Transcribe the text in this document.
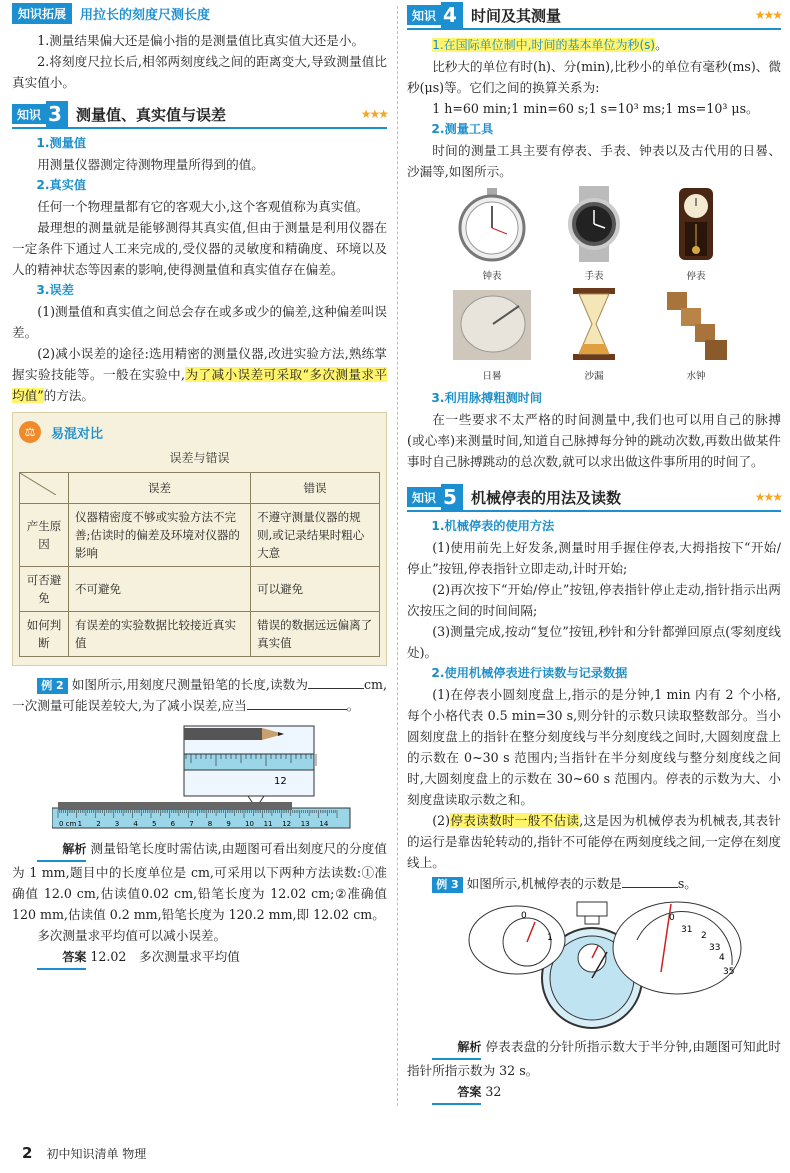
知识拓展	用拉长的刻度尺测长度

1.测量结果偏大还是偏小指的是测量值比真实值大还是小。

2.将刻度尺拉长后,相邻两刻度线之间的距离变大,导致测量值比真实值小。

知识 3 测量值、真实值与误差	★★★
1.测量值

用测量仪器测定待测物理量所得到的值。

2.真实值

任何一个物理量都有它的客观大小,这个客观值称为真实值。

最理想的测量就是能够测得其真实值,但由于测量是利用仪器在一定条件下通过人工来完成的,受仪器的灵敏度和精确度、环境以及人的精神状态等因素的影响,使得测量值和真实值存在偏差。

3.误差

(1)测量值和真实值之间总会存在或多或少的偏差,这种偏差叫误差。

(2)减小误差的途径:选用精密的测量仪器,改进实验方法,熟练掌握实验技能等。一般在实验中,为了减小误差可采取“多次测量求平均值”的方法。

⚖	易混对比
误差与错误
	误差	错误
产生原因	仪器精密度不够或实验方法不完善;估读时的偏差及环境对仪器的影响	不遵守测量仪器的规则,或记录结果时粗心大意
可否避免	不可避免	可以避免
如何判断	有误差的实验数据比较接近真实值	错误的数据远远偏离了真实值

例 2 如图所示,用刻度尺测量铅笔的长度,读数为	cm,一次测量可能误差较大,为了减小误差,应当	。

12
0 cm 1 2 3 4 5 6 7 8 9 10 11 12 13 14

解析 测量铅笔长度时需估读,由题图可看出刻度尺的分度值为 1 mm,题目中的长度单位是 cm,可采用以下两种方法读数:①准确值 12.0 cm,估读值0.02 cm,铅笔长度为 12.02 cm;②准确值 120 mm,估读值 0.2 mm,铅笔长度为 120.2 mm,即 12.02 cm。

多次测量求平均值可以减小误差。

答案 12.02　多次测量求平均值

知识 4 时间及其测量	★★★

1.在国际单位制中,时间的基本单位为秒(s)。

比秒大的单位有时(h)、分(min),比秒小的单位有毫秒(ms)、微秒(μs)等。它们之间的换算关系为:

1 h=60 min;1 min=60 s;1 s=10³ ms;1 ms=10³ μs。

2.测量工具

时间的测量工具主要有停表、手表、钟表以及古代用的日晷、沙漏等,如图所示。

钟表	手表	停表
日晷	沙漏	水钟
3.利用脉搏粗测时间

在一些要求不太严格的时间测量中,我们也可以用自己的脉搏(或心率)来测量时间,知道自己脉搏每分钟的跳动次数,再数出做某件事时自己脉搏跳动的总次数,就可以求出做这件事所用的时间了。

知识 5 机械停表的用法及读数	★★★
1.机械停表的使用方法

(1)使用前先上好发条,测量时用手握住停表,大拇指按下“开始/停止”按钮,停表指针立即走动,计时开始;

(2)再次按下“开始/停止”按钮,停表指针停止走动,指针指示出两次按压之间的时间间隔;

(3)测量完成,按动“复位”按钮,秒针和分针都弹回原点(零刻度线处)。

2.使用机械停表进行读数与记录数据

(1)在停表小圆刻度盘上,指示的是分钟,1 min 内有 2 个小格,每个小格代表 0.5 min=30 s,则分针的示数只读取整数部分。当小圆刻度盘上的指针在整分刻度线与半分刻度线之间时,大圆刻度盘上的示数在 0~30 s 范围内;当指针在半分刻度线与整分刻度线之间时,大圆刻度盘上的示数在 30~60 s 范围内。停表的示数为大、小刻度盘读取示数之和。

(2)停表读数时一般不估读,这是因为机械停表为机械表,其表针的运行是靠齿轮转动的,指针不可能停在两刻度线之间,一定停在刻度线上。

例 3 如图所示,机械停表的示数是	s。

0
1
0
31
2
33
4
35

解析 停表表盘的分针所指示数大于半分钟,由题图可知此时指针所指示数为 32 s。

答案 32

2 初中知识清单 物理
